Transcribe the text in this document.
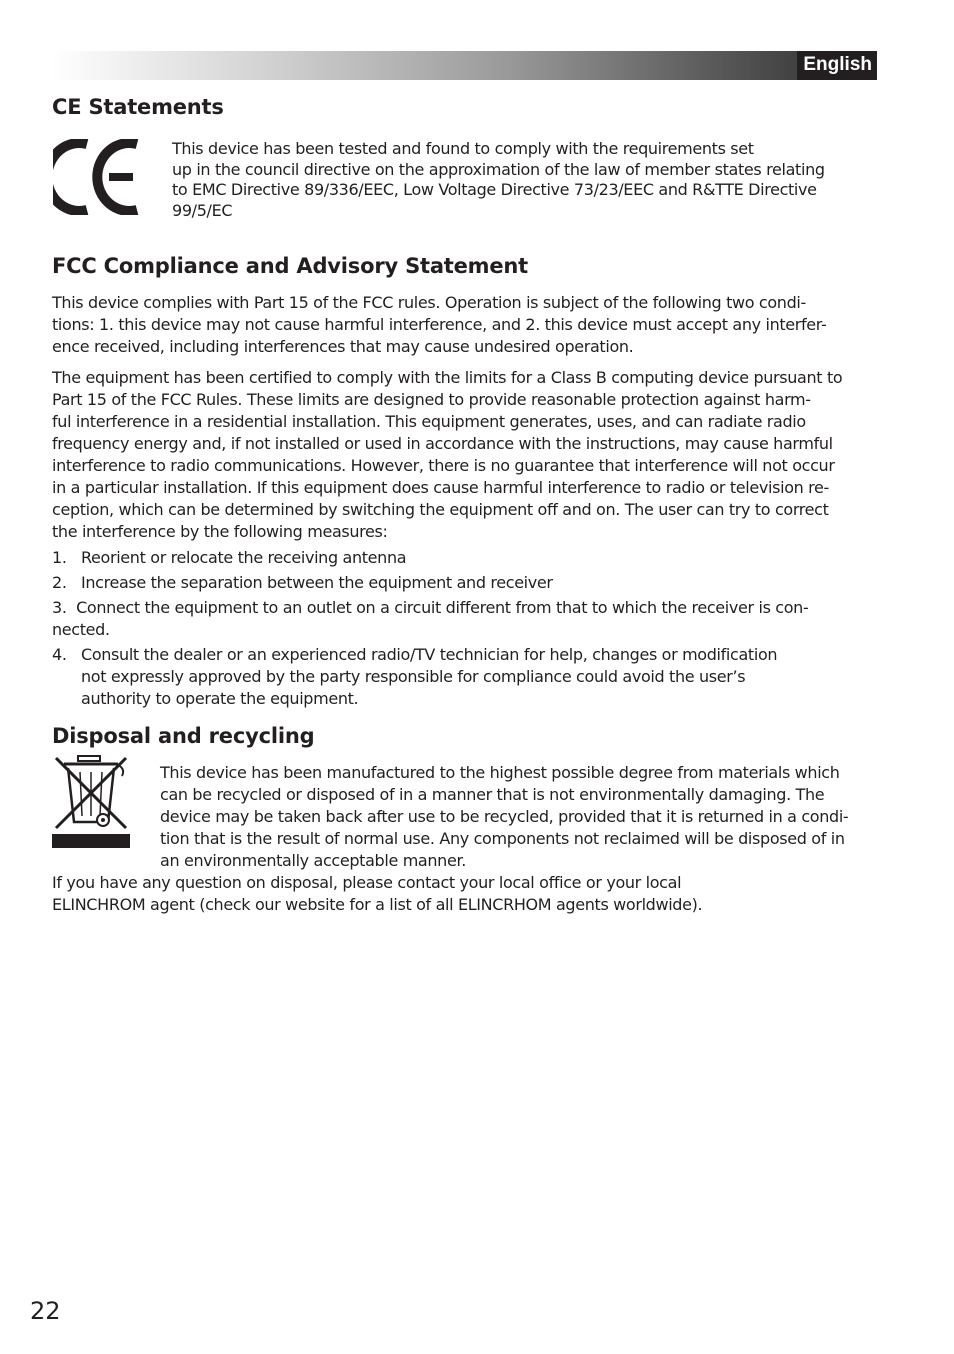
English
CE Statements
This device has been tested and found to comply with the requirements set
up in the council directive on the approximation of the law of member states relating
to EMC Directive 89/336/EEC, Low Voltage Directive 73/23/EEC and R&TTE Directive
99/5/EC
FCC Compliance and Advisory Statement
This device complies with Part 15 of the FCC rules. Operation is subject of the following two condi-
tions: 1. this device may not cause harmful interference, and 2. this device must accept any interfer-
ence received, including interferences that may cause undesired operation.
The equipment has been certified to comply with the limits for a Class B computing device pursuant to
Part 15 of the FCC Rules. These limits are designed to provide reasonable protection against harm-
ful interference in a residential installation. This equipment generates, uses, and can radiate radio
frequency energy and, if not installed or used in accordance with the instructions, may cause harmful
interference to radio communications. However, there is no guarantee that interference will not occur
in a particular installation. If this equipment does cause harmful interference to radio or television re-
ception, which can be determined by switching the equipment off and on. The user can try to correct
the interference by the following measures:
1. Reorient or relocate the receiving antenna
2. Increase the separation between the equipment and receiver
3. Connect the equipment to an outlet on a circuit different from that to which the receiver is con-
nected.
4. Consult the dealer or an experienced radio/TV technician for help, changes or modification
not expressly approved by the party responsible for compliance could avoid the user’s
authority to operate the equipment.
Disposal and recycling
This device has been manufactured to the highest possible degree from materials which
can be recycled or disposed of in a manner that is not environmentally damaging. The
device may be taken back after use to be recycled, provided that it is returned in a condi-
tion that is the result of normal use. Any components not reclaimed will be disposed of in
an environmentally acceptable manner.
If you have any question on disposal, please contact your local office or your local
ELINCHROM agent (check our website for a list of all ELINCRHOM agents worldwide).
22
